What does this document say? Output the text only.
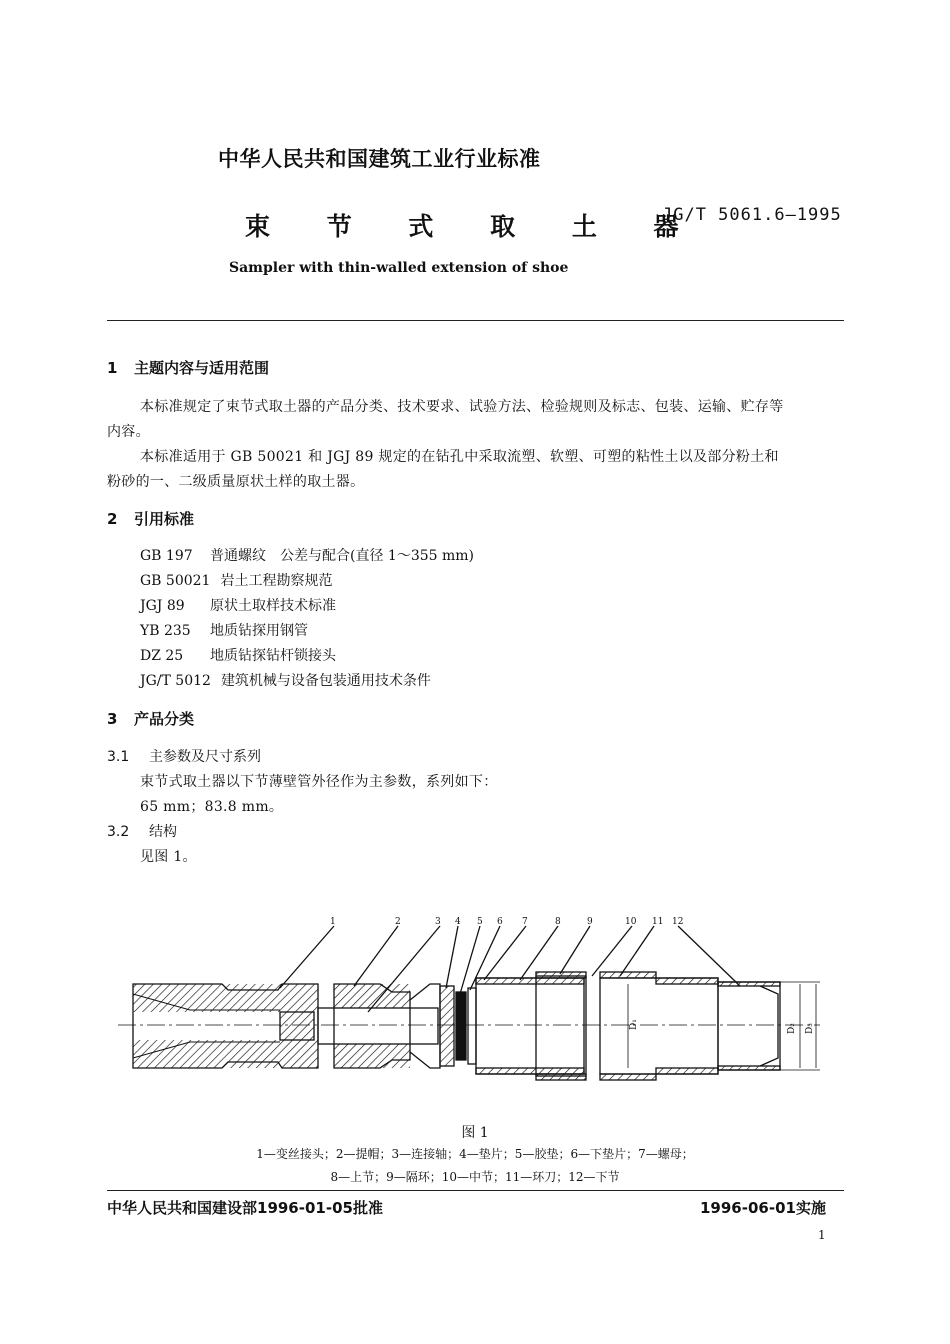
中华人民共和国建筑工业行业标准
束 节 式 取 土 器
JG/T 5061.6—1995
Sampler with thin-walled extension of shoe
1 主题内容与适用范围
本标准规定了束节式取土器的产品分类、技术要求、试验方法、检验规则及标志、包装、运输、贮存等
内容。
本标准适用于 GB 50021 和 JGJ 89 规定的在钻孔中采取流塑、软塑、可塑的粘性土以及部分粉土和
粉砂的一、二级质量原状土样的取土器。
2 引用标准
GB 197 普通螺纹　公差与配合(直径 1～355 mm)
GB 50021 岩土工程勘察规范
JGJ 89 原状土取样技术标准
YB 235 地质钻探用钢管
DZ 25 地质钻探钻杆锁接头
JG/T 5012 建筑机械与设备包装通用技术条件
3 产品分类
3.1 主参数及尺寸系列
束节式取土器以下节薄壁管外径作为主参数，系列如下：
65 mm；83.8 mm。
3.2 结构
见图 1。
1	2	3 4 5 6 7	8	9	10 11 12
D₁	D₂ D₃
图 1
1—变丝接头；2—提帽；3—连接轴；4—垫片；5—胶垫；6—下垫片；7—螺母；
8—上节；9—隔环；10—中节；11—环刀；12—下节
中华人民共和国建设部1996-01-05批准	1996-06-01实施
1
